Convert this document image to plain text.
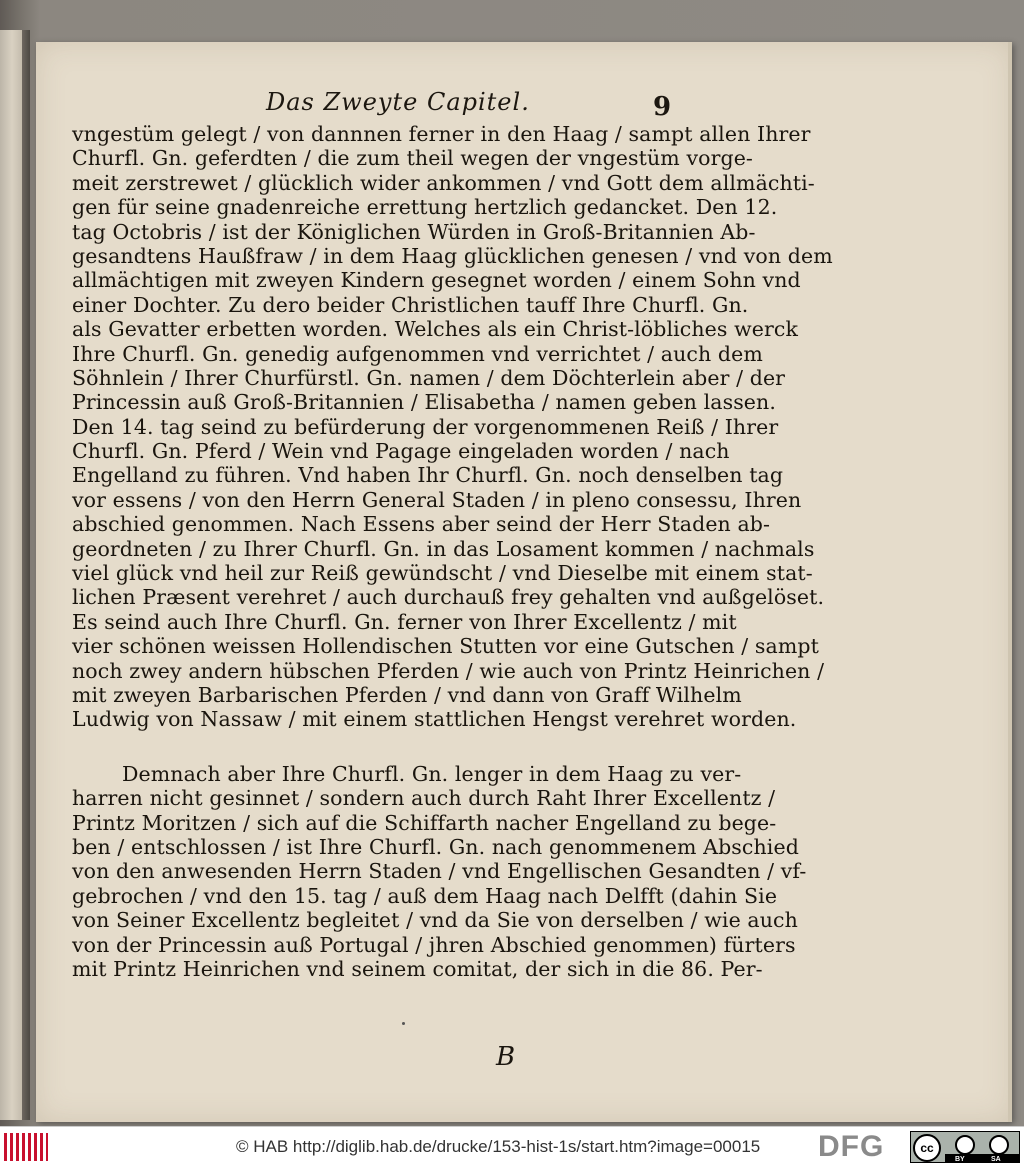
Das Zweyte Capitel.	9
vngestüm gelegt / von dannnen ferner in den Haag / sampt allen Ihrer
Churfl. Gn. geferdten / die zum theil wegen der vngestüm vorge-
meit zerstrewet / glücklich wider ankommen / vnd Gott dem allmächti-
gen für seine gnadenreiche errettung hertzlich gedancket. Den 12.
tag Octobris / ist der Königlichen Würden in Groß-Britannien Ab-
gesandtens Haußfraw / in dem Haag glücklichen genesen / vnd von dem
allmächtigen mit zweyen Kindern gesegnet worden / einem Sohn vnd
einer Dochter. Zu dero beider Christlichen tauff Ihre Churfl. Gn.
als Gevatter erbetten worden. Welches als ein Christ-löbliches werck
Ihre Churfl. Gn. genedig aufgenommen vnd verrichtet / auch dem
Söhnlein / Ihrer Churfürstl. Gn. namen / dem Döchterlein aber / der
Princessin auß Groß-Britannien / Elisabetha / namen geben lassen.
Den 14. tag seind zu befürderung der vorgenommenen Reiß / Ihrer
Churfl. Gn. Pferd / Wein vnd Pagage eingeladen worden / nach
Engelland zu führen. Vnd haben Ihr Churfl. Gn. noch denselben tag
vor essens / von den Herrn General Staden / in pleno consessu, Ihren
abschied genommen. Nach Essens aber seind der Herr Staden ab-
geordneten / zu Ihrer Churfl. Gn. in das Losament kommen / nachmals
viel glück vnd heil zur Reiß gewündscht / vnd Dieselbe mit einem stat-
lichen Præsent verehret / auch durchauß frey gehalten vnd außgelöset.
Es seind auch Ihre Churfl. Gn. ferner von Ihrer Excellentz / mit
vier schönen weissen Hollendischen Stutten vor eine Gutschen / sampt
noch zwey andern hübschen Pferden / wie auch von Printz Heinrichen /
mit zweyen Barbarischen Pferden / vnd dann von Graff Wilhelm
Ludwig von Nassaw / mit einem stattlichen Hengst verehret worden.
Demnach aber Ihre Churfl. Gn. lenger in dem Haag zu ver-
harren nicht gesinnet / sondern auch durch Raht Ihrer Excellentz /
Printz Moritzen / sich auf die Schiffarth nacher Engelland zu bege-
ben / entschlossen / ist Ihre Churfl. Gn. nach genommenem Abschied
von den anwesenden Herrn Staden / vnd Engellischen Gesandten / vf-
gebrochen / vnd den 15. tag / auß dem Haag nach Delfft (dahin Sie
von Seiner Excellentz begleitet / vnd da Sie von derselben / wie auch
von der Princessin auß Portugal / jhren Abschied genommen) fürters
mit Printz Heinrichen vnd seinem comitat, der sich in die 86. Per-
B
© HAB http://diglib.hab.de/drucke/153-hist-1s/start.htm?image=00015 DFG	cc
BY	SA
